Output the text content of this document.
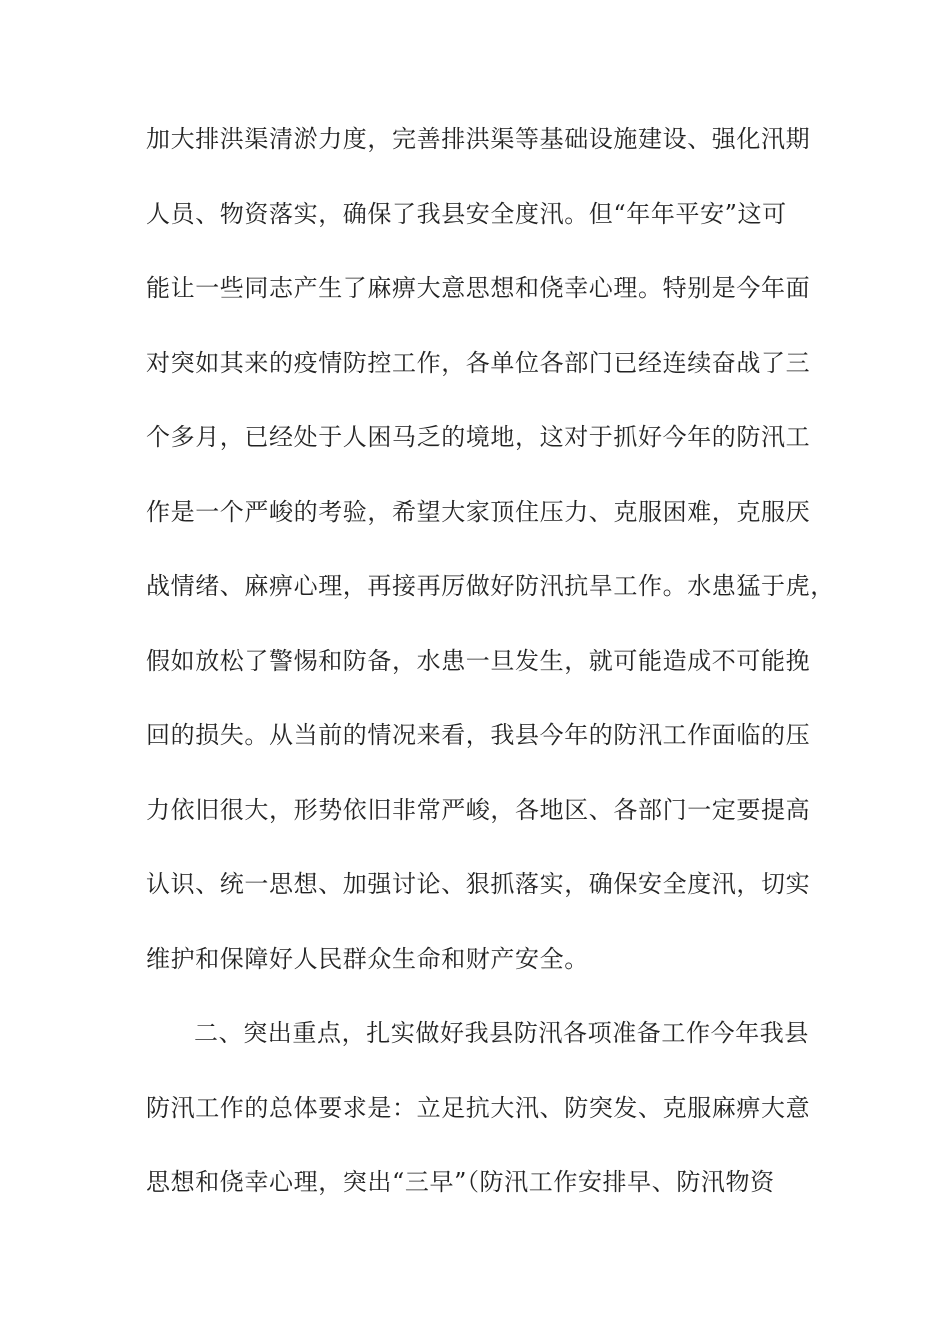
加大排洪渠清淤力度，完善排洪渠等基础设施建设、强化汛期
人员、物资落实，确保了我县安全度汛。但“年年平安”这可
能让一些同志产生了麻痹大意思想和侥幸心理。特别是今年面
对突如其来的疫情防控工作，各单位各部门已经连续奋战了三
个多月，已经处于人困马乏的境地，这对于抓好今年的防汛工
作是一个严峻的考验，希望大家顶住压力、克服困难，克服厌
战情绪、麻痹心理，再接再厉做好防汛抗旱工作。水患猛于虎，
假如放松了警惕和防备，水患一旦发生，就可能造成不可能挽
回的损失。从当前的情况来看，我县今年的防汛工作面临的压
力依旧很大，形势依旧非常严峻，各地区、各部门一定要提高
认识、统一思想、加强讨论、狠抓落实，确保安全度汛，切实
维护和保障好人民群众生命和财产安全。
二、突出重点，扎实做好我县防汛各项准备工作今年我县
防汛工作的总体要求是：立足抗大汛、防突发、克服麻痹大意
思想和侥幸心理，突出“三早”（防汛工作安排早、防汛物资
